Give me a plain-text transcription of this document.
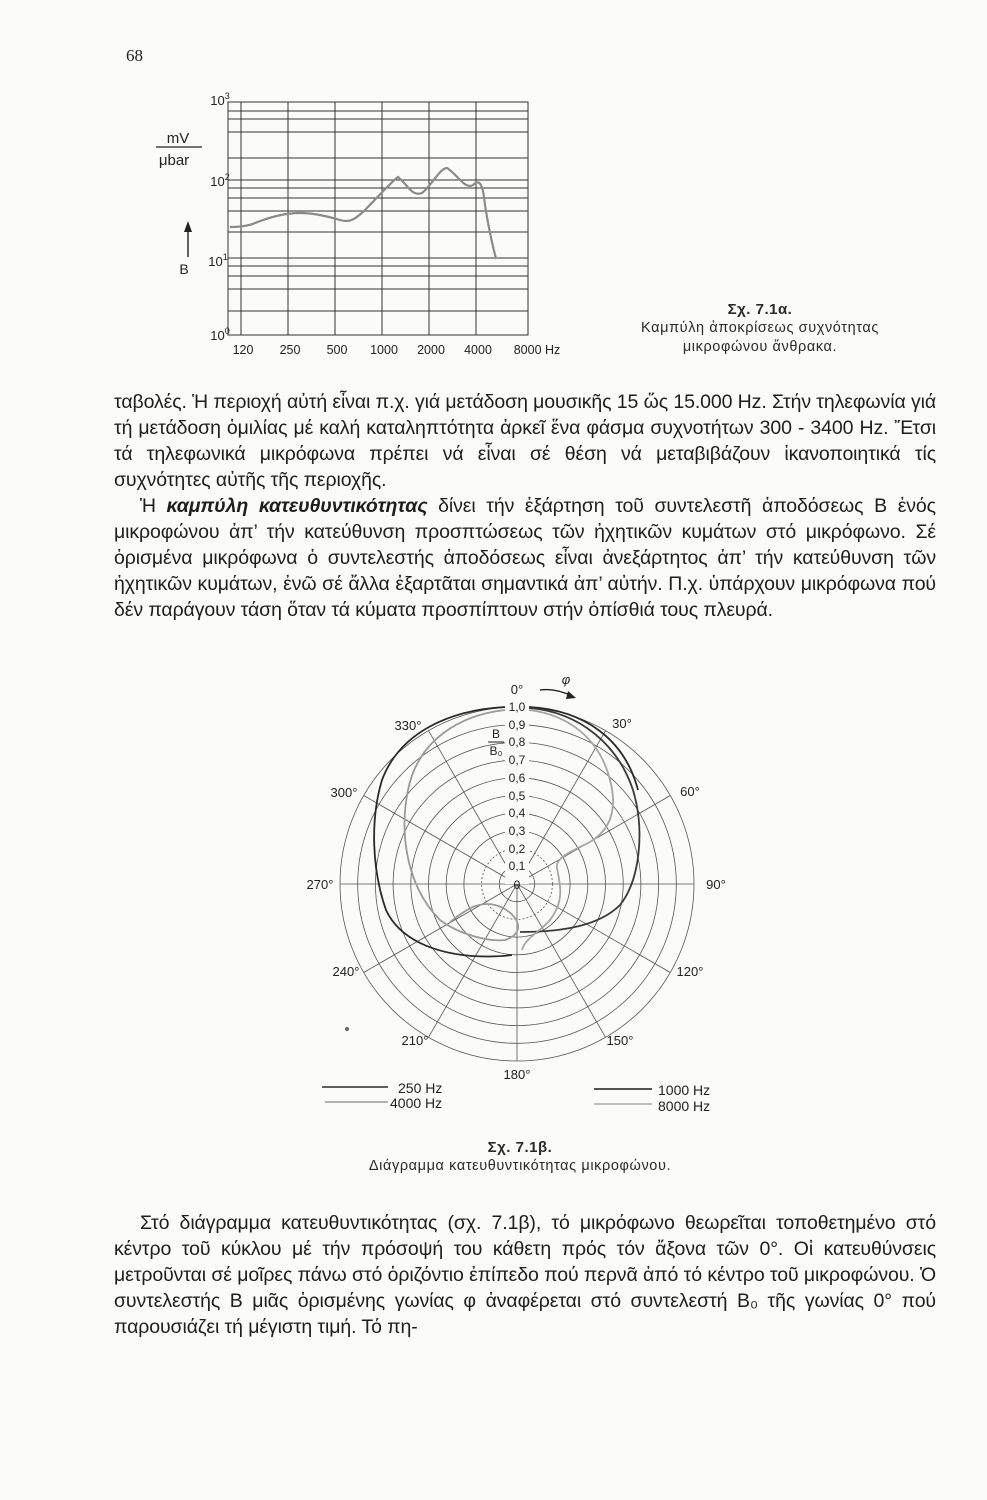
68
mV
μbar
B
$10^3$
$10^2$
$10^1$
$10^0$
120 250 500 1000 2000 4000 8000 Hz
Σχ. 7.1α.
Καμπύλη ἀποκρίσεως συχνότητας
μικροφώνου ἄνθρακα.

ταβολές. Ἡ περιοχή αὐτή εἶναι π.χ. γιά μετάδοση μουσικῆς 15 ὥς 15.000 Hz. Στήν τηλεφωνία γιά τή μετάδοση ὁμιλίας μέ καλή καταληπτότητα ἀρκεῖ ἕνα φάσμα συχνοτήτων 300 - 3400 Hz. Ἔτσι τά τηλεφωνικά μικρόφωνα πρέπει νά εἶναι σέ θέση νά μεταβιβάζουν ἱκανοποιητικά τίς συχνότητες αὐτῆς τῆς περιοχῆς.

Ἡ καμπύλη κατευθυντικότητας δίνει τήν ἐξάρτηση τοῦ συντελεστῆ ἀποδόσεως B ἑνός μικροφώνου ἀπ’ τήν κατεύθυνση προσπτώσεως τῶν ἠχητικῶν κυμάτων στό μικρόφωνο. Σέ ὁρισμένα μικρόφωνα ὁ συντελεστής ἀποδόσεως εἶναι ἀνεξάρτητος ἀπ’ τήν κατεύθυνση τῶν ἠχητικῶν κυμάτων, ἐνῶ σέ ἄλλα ἐξαρτᾶται σημαντικά ἀπ’ αὐτήν. Π.χ. ὑπάρχουν μικρόφωνα πού δέν παράγουν τάση ὅταν τά κύματα προσπίπτουν στήν ὀπίσθιά τους πλευρά.

0°
30°
60°
90°
120°
150°
180°
210°
240°
270°
300°
330°
φ
1,0
0,9
0,8
0,7
0,6
0,5
0,4
0,3
0,2
0,1
0
B
B₀
250 Hz
4000 Hz
1000 Hz
8000 Hz
Σχ. 7.1β.
Διάγραμμα κατευθυντικότητας μικροφώνου.

Στό διάγραμμα κατευθυντικότητας (σχ. 7.1β), τό μικρόφωνο θεωρεῖται τοποθετημένο στό κέντρο τοῦ κύκλου μέ τήν πρόσοψή του κάθετη πρός τόν ἄξονα τῶν 0°. Οἱ κατευθύνσεις μετροῦνται σέ μοῖρες πάνω στό ὁριζόντιο ἐπίπεδο πού περνᾶ ἀπό τό κέντρο τοῦ μικροφώνου. Ὁ συντελεστής B μιᾶς ὁρισμένης γωνίας φ ἀναφέρεται στό συντελεστή B₀ τῆς γωνίας 0° πού παρουσιάζει τή μέγιστη τιμή. Τό πη-
